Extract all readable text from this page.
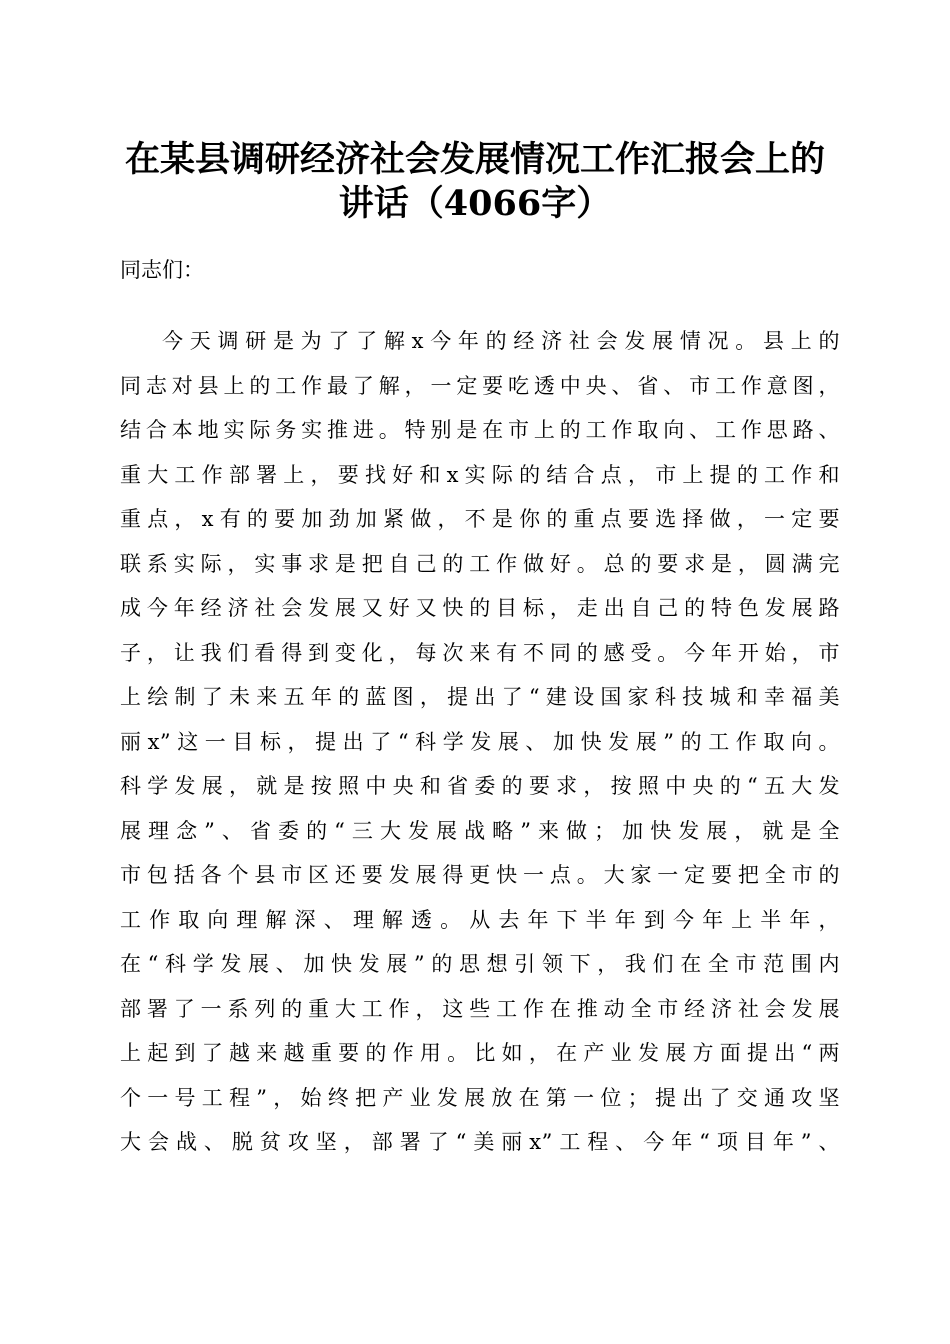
在某县调研经济社会发展情况工作汇报会上的
讲话（4066字）
同志们：
今天调研是为了了解x今年的经济社会发展情况。县上的
同志对县上的工作最了解，一定要吃透中央、省、市工作意图，
结合本地实际务实推进。特别是在市上的工作取向、工作思路、
重大工作部署上，要找好和x实际的结合点，市上提的工作和
重点，x有的要加劲加紧做，不是你的重点要选择做，一定要
联系实际，实事求是把自己的工作做好。总的要求是，圆满完
成今年经济社会发展又好又快的目标，走出自己的特色发展路
子，让我们看得到变化，每次来有不同的感受。今年开始，市
上绘制了未来五年的蓝图，提出了“建设国家科技城和幸福美
丽x”这一目标，提出了“科学发展、加快发展”的工作取向。
科学发展，就是按照中央和省委的要求，按照中央的“五大发
展理念”、省委的“三大发展战略”来做；加快发展，就是全
市包括各个县市区还要发展得更快一点。大家一定要把全市的
工作取向理解深、理解透。从去年下半年到今年上半年，
在“科学发展、加快发展”的思想引领下，我们在全市范围内
部署了一系列的重大工作，这些工作在推动全市经济社会发展
上起到了越来越重要的作用。比如，在产业发展方面提出“两
个一号工程”，始终把产业发展放在第一位；提出了交通攻坚
大会战、脱贫攻坚，部署了“美丽x”工程、今年“项目年”、
